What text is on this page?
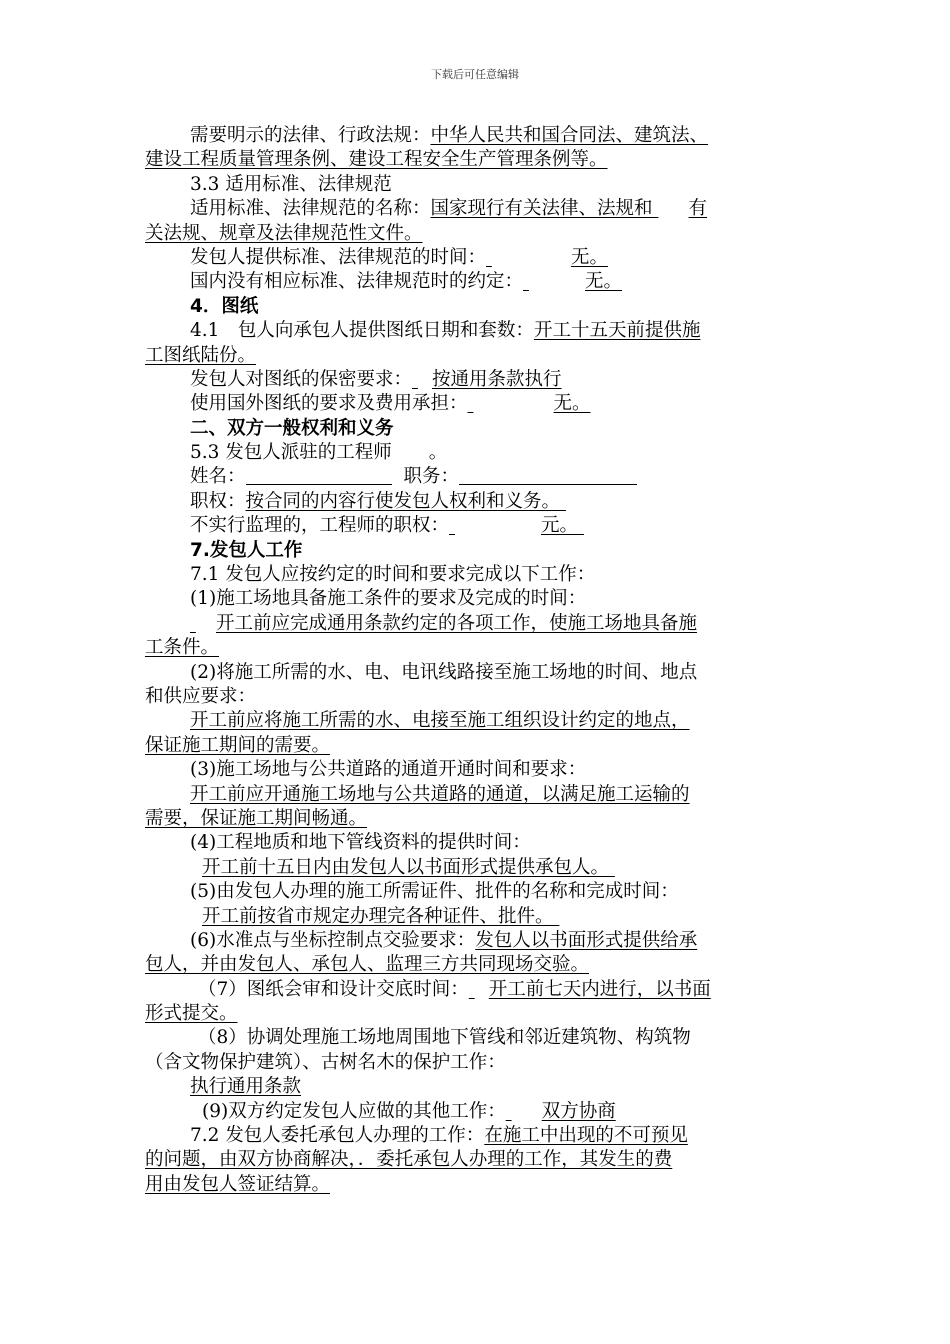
下载后可任意编辑
需要明示的法律、行政法规：中华人民共和国合同法、建筑法、
建设工程质量管理条例、建设工程安全生产管理条例等。
3.3 适用标准、法律规范
适用标准、法律规范的名称：国家现行有关法律、法规和 有
关法规、规章及法律规范性文件。
发包人提供标准、法律规范的时间：	无。
国内没有相应标准、法律规范时的约定：	无。
4．图纸
4.1　包人向承包人提供图纸日期和套数：开工十五天前提供施
工图纸陆份。
发包人对图纸的保密要求： 按通用条款执行
使用国外图纸的要求及费用承担：	无。
二、双方一般权利和义务
5.3 发包人派驻的工程师　　。
姓名：	职务：
职权：按合同的内容行使发包人权利和义务。
不实行监理的，工程师的职权：	元。
7.发包人工作
7.1 发包人应按约定的时间和要求完成以下工作：
(1)施工场地具备施工条件的要求及完成的时间：
开工前应完成通用条款约定的各项工作，使施工场地具备施
工条件。
(2)将施工所需的水、电、电讯线路接至施工场地的时间、地点
和供应要求：
开工前应将施工所需的水、电接至施工组织设计约定的地点，
保证施工期间的需要。
(3)施工场地与公共道路的通道开通时间和要求：
开工前应开通施工场地与公共道路的通道，以满足施工运输的
需要，保证施工期间畅通。
(4)工程地质和地下管线资料的提供时间：
开工前十五日内由发包人以书面形式提供承包人。
(5)由发包人办理的施工所需证件、批件的名称和完成时间：
开工前按省市规定办理完各种证件、批件。
(6)水准点与坐标控制点交验要求：发包人以书面形式提供给承
包人，并由发包人、承包人、监理三方共同现场交验。
（7）图纸会审和设计交底时间： 开工前七天内进行，以书面
形式提交。
（8）协调处理施工场地周围地下管线和邻近建筑物、构筑物
（含文物保护建筑）、古树名木的保护工作：
执行通用条款
(9)双方约定发包人应做的其他工作： 双方协商
7.2 发包人委托承包人办理的工作：在施工中出现的不可预见
的问题，由双方协商解决，．委托承包人办理的工作，其发生的费
用由发包人签证结算。
